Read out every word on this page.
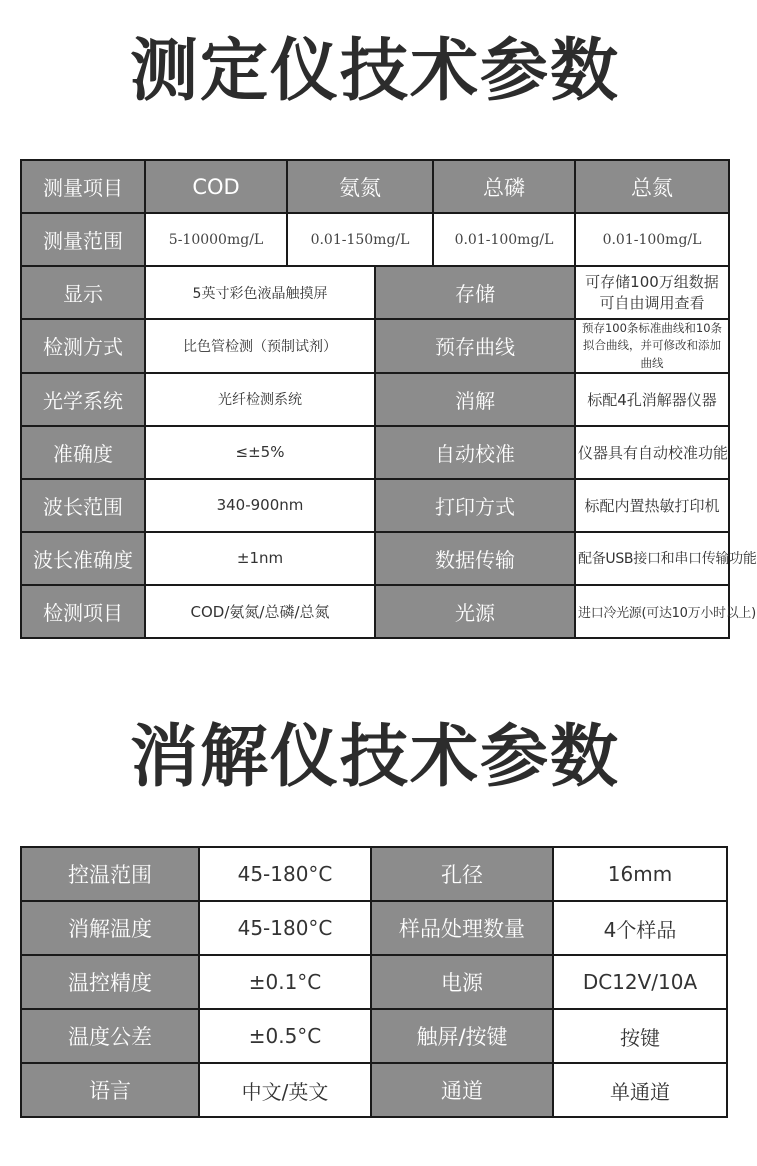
测定仪技术参数
测量项目	COD	氨氮		总磷	总氮
测量范围	5-10000mg/L	0.01-150mg/L		0.01-100mg/L	0.01-100mg/L
显示	5英寸彩色液晶触摸屏		存储		可存储100万组数据
可自由调用查看

检测方式	比色管检测（预制试剂）		预存曲线		预存100条标准曲线和10条
拟合曲线，并可修改和添加曲线

光学系统	光纤检测系统		消解		标配4孔消解器仪器
准确度	≤±5%		自动校准		仪器具有自动校准功能
波长范围	340-900nm		打印方式		标配内置热敏打印机
波长准确度	±1nm		数据传输		配备USB接口和串口传输功能
检测项目	COD/氨氮/总磷/总氮		光源		进口冷光源(可达10万小时以上)
消解仪技术参数
控温范围	45-180°C	孔径	16mm
消解温度	45-180°C	样品处理数量	4个样品
温控精度	±0.1°C	电源	DC12V/10A
温度公差	±0.5°C	触屏/按键	按键
语言	中文/英文	通道	单通道
